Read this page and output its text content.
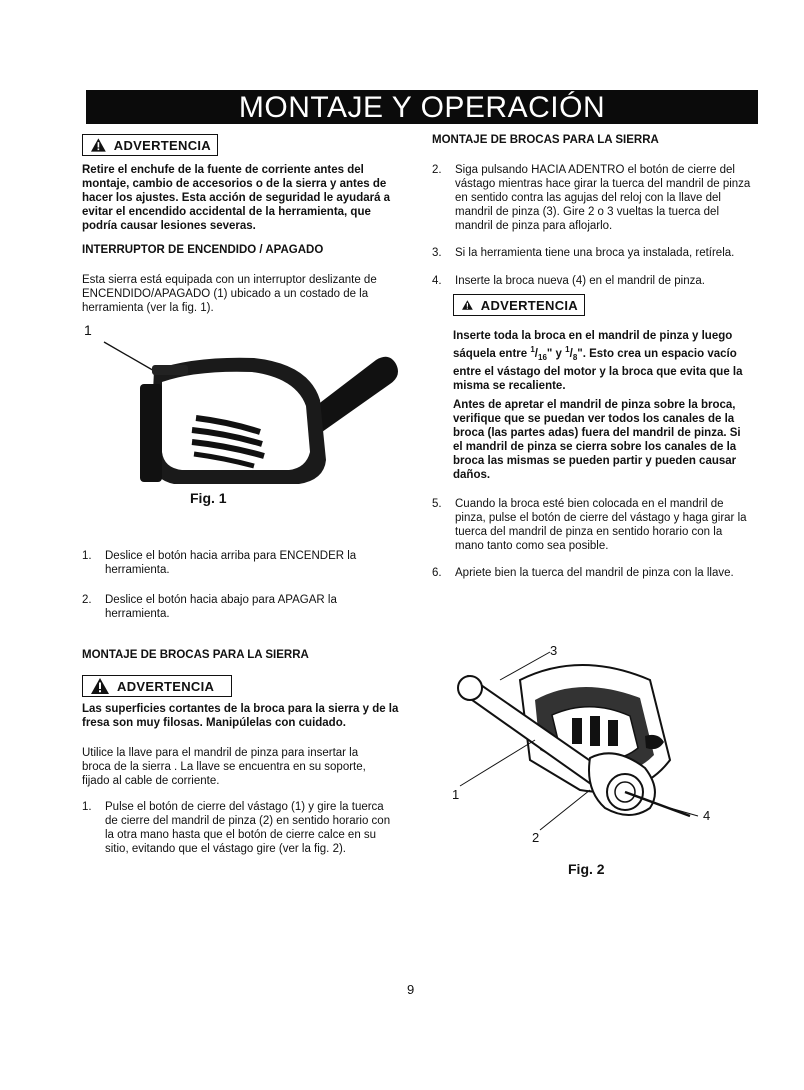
MONTAJE Y OPERACIÓN
ADVERTENCIA
Retire el enchufe de la fuente de corriente antes del montaje, cambio de accesorios o de la sierra y antes de hacer los ajustes. Esta acción de seguridad le ayudará a evitar el encendido accidental de la herramienta, que podría causar lesiones severas.
INTERRUPTOR DE ENCENDIDO / APAGADO
Esta sierra está equipada con un interruptor deslizante de ENCENDIDO/APAGADO (1) ubicado a un costado de la herramienta (ver la fig. 1).
1
Fig. 1
1.	Deslice el botón hacia arriba para ENCENDER la herramienta.
2.	Deslice el botón hacia abajo para APAGAR la herramienta.
MONTAJE DE BROCAS PARA LA SIERRA
ADVERTENCIA
Las superficies cortantes de la broca para la sierra y de la fresa son muy filosas. Manipúlelas con cuidado.
Utilice la llave para el mandril de pinza para insertar la broca de la sierra . La llave se encuentra en su soporte, fijado al cable de corriente.
1.	Pulse el botón de cierre del vástago (1) y gire la tuerca de cierre del mandril de pinza (2) en sentido horario con la otra mano hasta que el botón de cierre calce en su sitio, evitando que el vástago gire (ver la fig. 2).
MONTAJE DE BROCAS PARA LA SIERRA
2.	Siga pulsando HACIA ADENTRO el botón de cierre del vástago mientras hace girar la tuerca del mandril de pinza en sentido contra las agujas del reloj con la llave del mandril de pinza (3). Gire 2 o 3 vueltas la tuerca del mandril de pinza para aflojarlo.
3.	Si la herramienta tiene una broca ya instalada, retírela.
4.	Inserte la broca nueva (4) en el mandril de pinza.
ADVERTENCIA
Inserte toda la broca en el mandril de pinza y luego sáquela entre $^1/_{16}$" y $^1/_8$". Esto crea un espacio vacío entre el vástago del motor y la broca que evita que la misma se recaliente.
Antes de apretar el mandril de pinza sobre la broca, verifique que se puedan ver todos los canales de la broca (las partes adas) fuera del mandril de pinza. Si el mandril de pinza se cierra sobre los canales de la broca las mismas se pueden partir y pueden causar daños.
5.	Cuando la broca esté bien colocada en el mandril de pinza, pulse el botón de cierre del vástago y haga girar la tuerca del mandril de pinza en sentido horario con la mano tanto como sea posible.
6.	Apriete bien la tuerca del mandril de pinza con la llave.
3
1
2
4
Fig. 2
9
